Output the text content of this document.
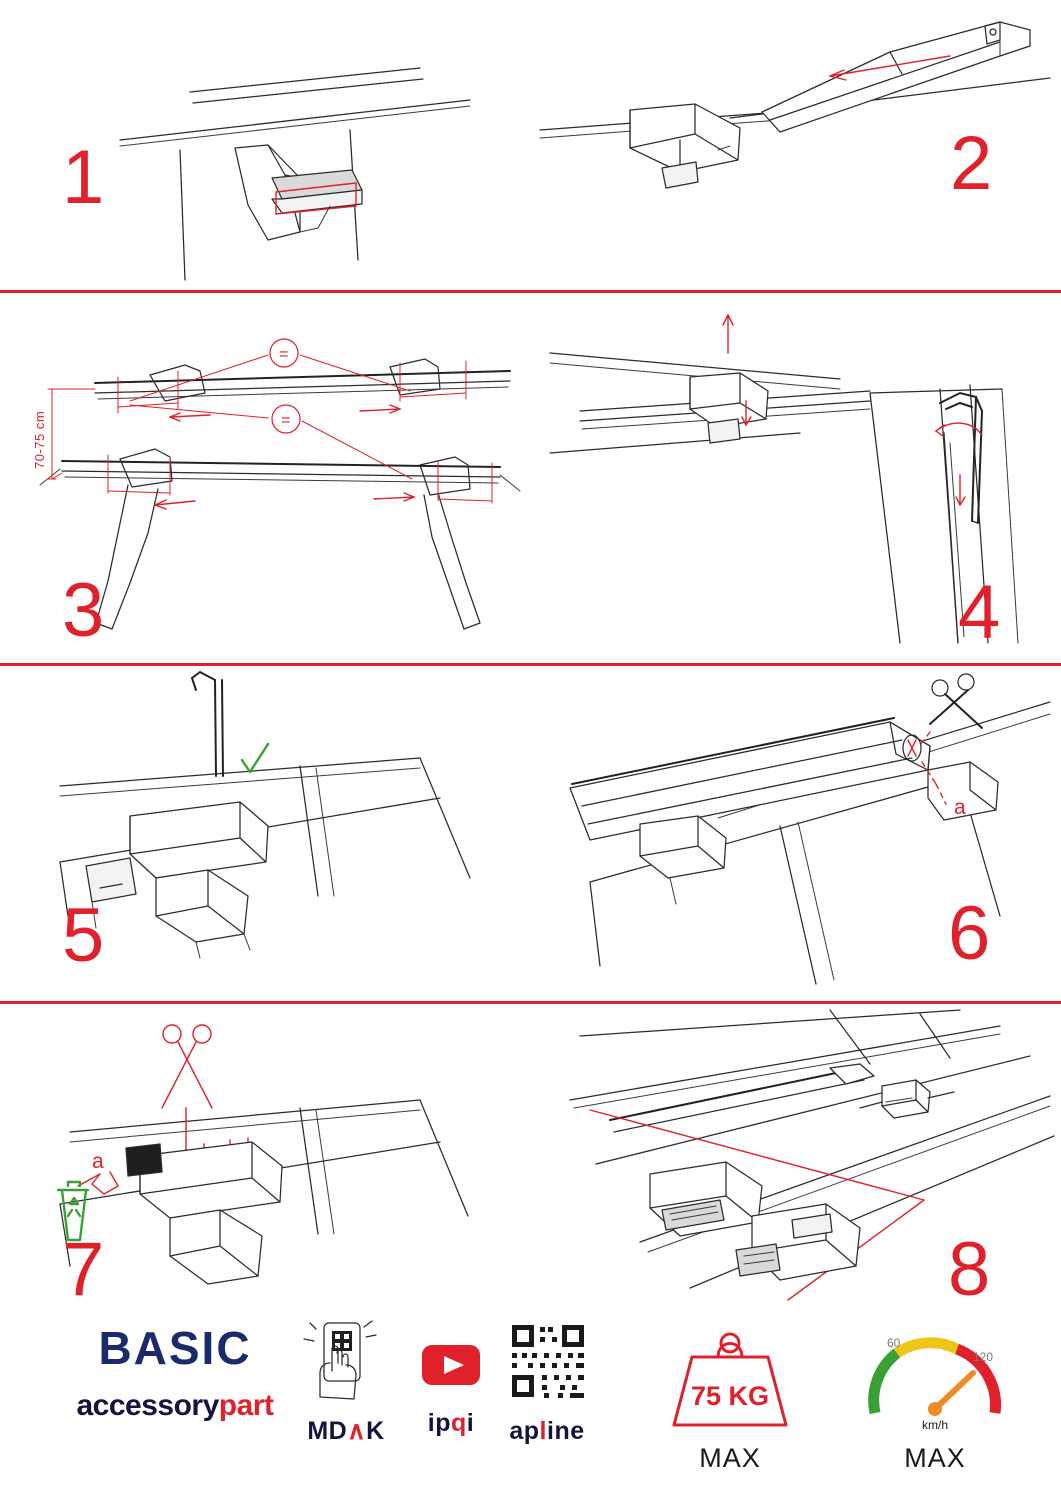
1	2
=
=
70-75 cm
3	4
5
a
6
a
7	8
BASIC
accessorypart
MD∧K	ipqi	apline
75 KG
MAX
60
120
km/h
MAX
